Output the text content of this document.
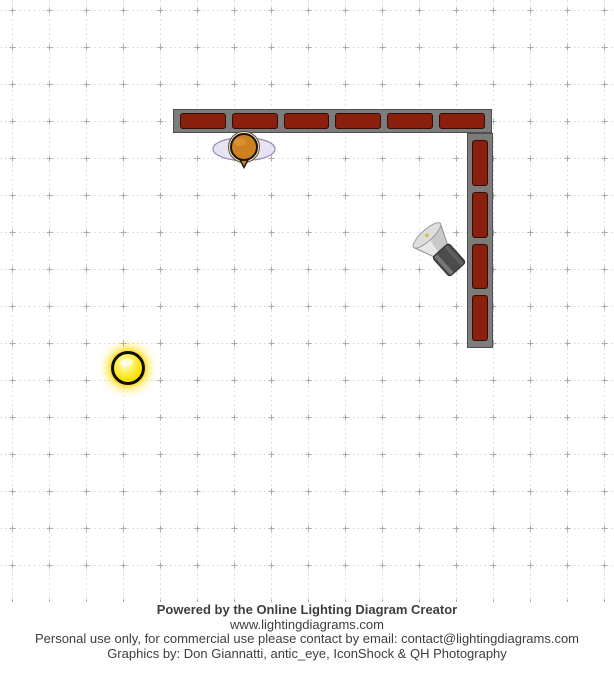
Powered by the Online Lighting Diagram Creator
www.lightingdiagrams.com
Personal use only, for commercial use please contact by email: contact@lightingdiagrams.com
Graphics by: Don Giannatti, antic_eye, IconShock & QH Photography
